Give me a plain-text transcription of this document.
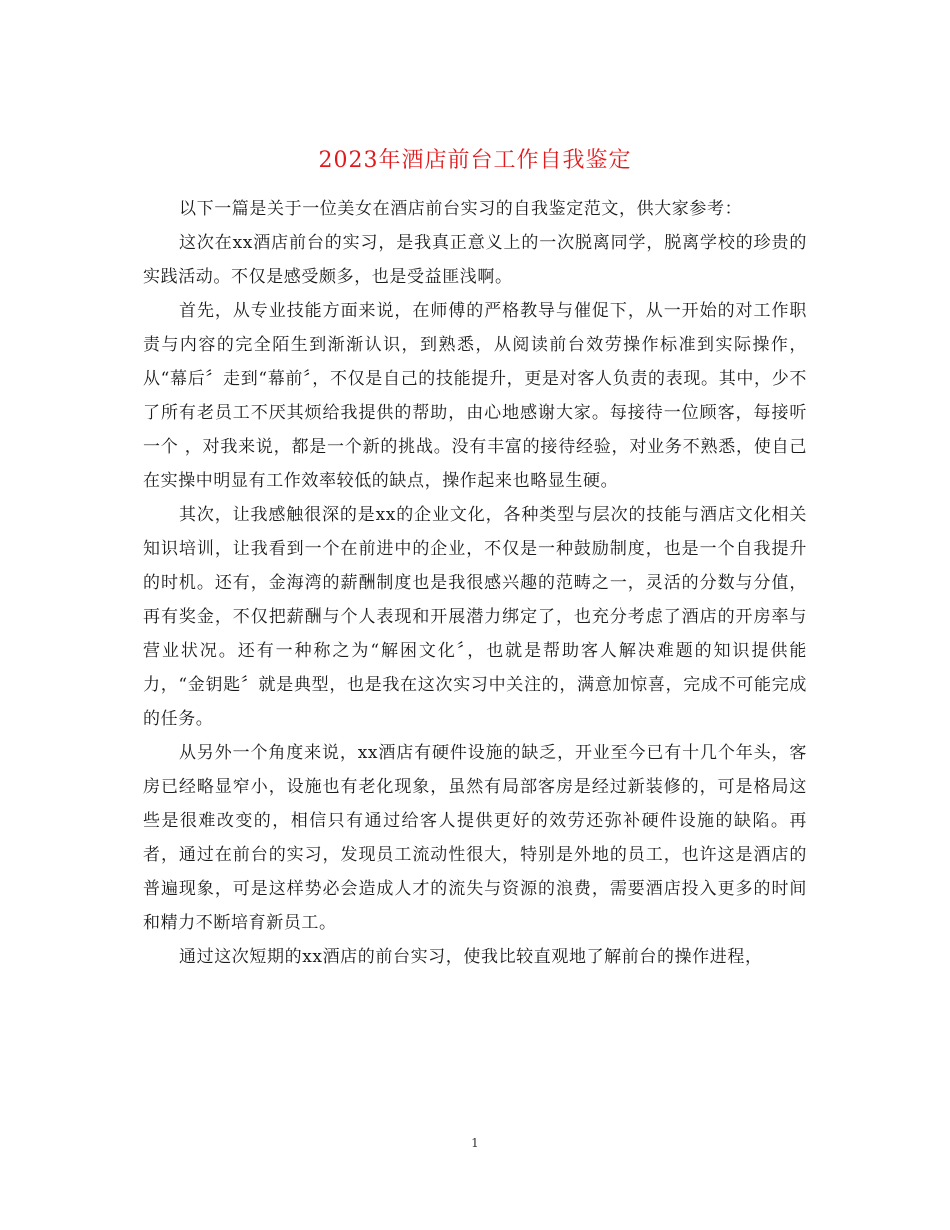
2023年酒店前台工作自我鉴定

以下一篇是关于一位美女在酒店前台实习的自我鉴定范文，供大家参考：

这次在xx酒店前台的实习，是我真正意义上的一次脱离同学，脱离学校的珍贵的实践活动。不仅是感受颇多，也是受益匪浅啊。

首先，从专业技能方面来说，在师傅的严格教导与催促下，从一开始的对工作职责与内容的完全陌生到渐渐认识，到熟悉，从阅读前台效劳操作标准到实际操作，从“幕后〞走到“幕前〞，不仅是自己的技能提升，更是对客人负责的表现。其中，少不了所有老员工不厌其烦给我提供的帮助，由心地感谢大家。每接待一位顾客，每接听一个 ，对我来说，都是一个新的挑战。没有丰富的接待经验，对业务不熟悉，使自己在实操中明显有工作效率较低的缺点，操作起来也略显生硬。

其次，让我感触很深的是xx的企业文化，各种类型与层次的技能与酒店文化相关知识培训，让我看到一个在前进中的企业，不仅是一种鼓励制度，也是一个自我提升的时机。还有，金海湾的薪酬制度也是我很感兴趣的范畴之一，灵活的分数与分值，再有奖金，不仅把薪酬与个人表现和开展潜力绑定了，也充分考虑了酒店的开房率与营业状况。还有一种称之为“解困文化〞，也就是帮助客人解决难题的知识提供能力，“金钥匙〞就是典型，也是我在这次实习中关注的，满意加惊喜，完成不可能完成的任务。

从另外一个角度来说，xx酒店有硬件设施的缺乏，开业至今已有十几个年头，客房已经略显窄小，设施也有老化现象，虽然有局部客房是经过新装修的，可是格局这些是很难改变的，相信只有通过给客人提供更好的效劳还弥补硬件设施的缺陷。再者，通过在前台的实习，发现员工流动性很大，特别是外地的员工，也许这是酒店的普遍现象，可是这样势必会造成人才的流失与资源的浪费，需要酒店投入更多的时间和精力不断培育新员工。

通过这次短期的xx酒店的前台实习，使我比较直观地了解前台的操作进程，

1
